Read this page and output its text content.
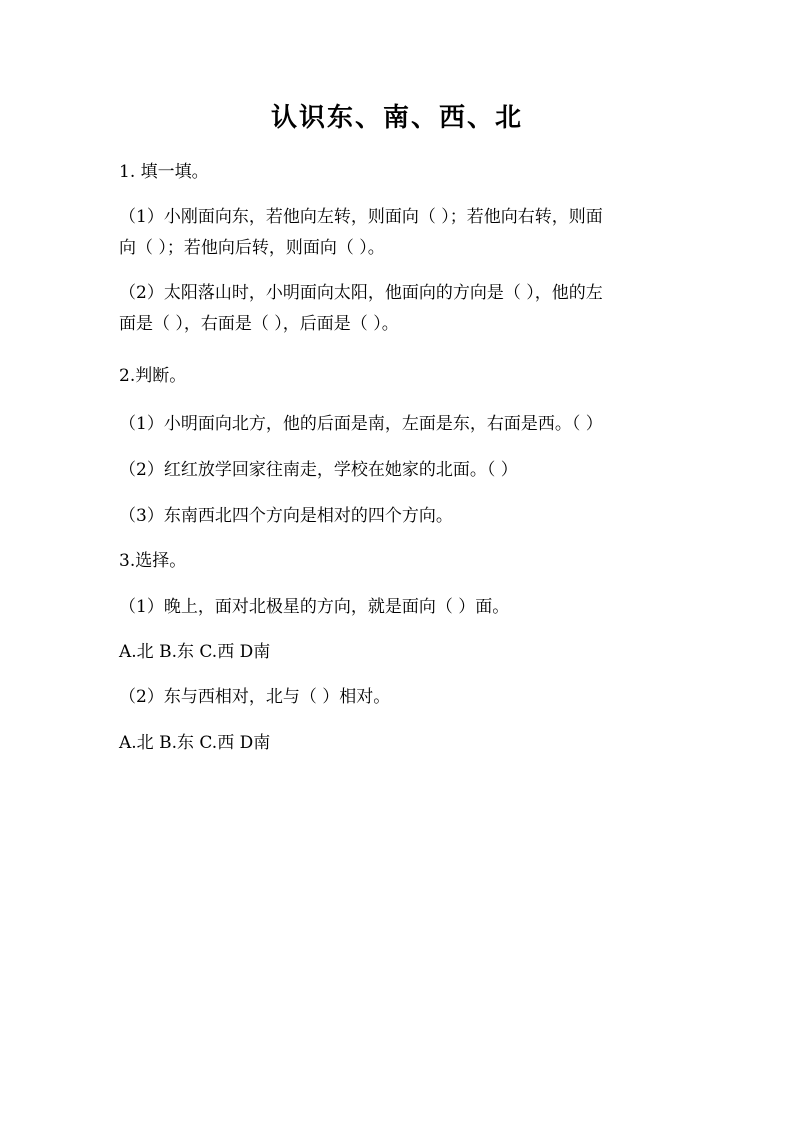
认识东、南、西、北
1. 填一填。
（1）小刚面向东，若他向左转，则面向（ ）；若他向右转，则面
向（ ）；若他向后转，则面向（ ）。
（2）太阳落山时，小明面向太阳，他面向的方向是（ ），他的左
面是（ ），右面是（ ），后面是（ ）。
2.判断。
（1）小明面向北方，他的后面是南，左面是东，右面是西。（ ）
（2）红红放学回家往南走，学校在她家的北面。（ ）
（3）东南西北四个方向是相对的四个方向。
3.选择。
（1）晚上，面对北极星的方向，就是面向（ ）面。
A.北 B.东 C.西 D南
（2）东与西相对，北与（ ）相对。
A.北 B.东 C.西 D南
